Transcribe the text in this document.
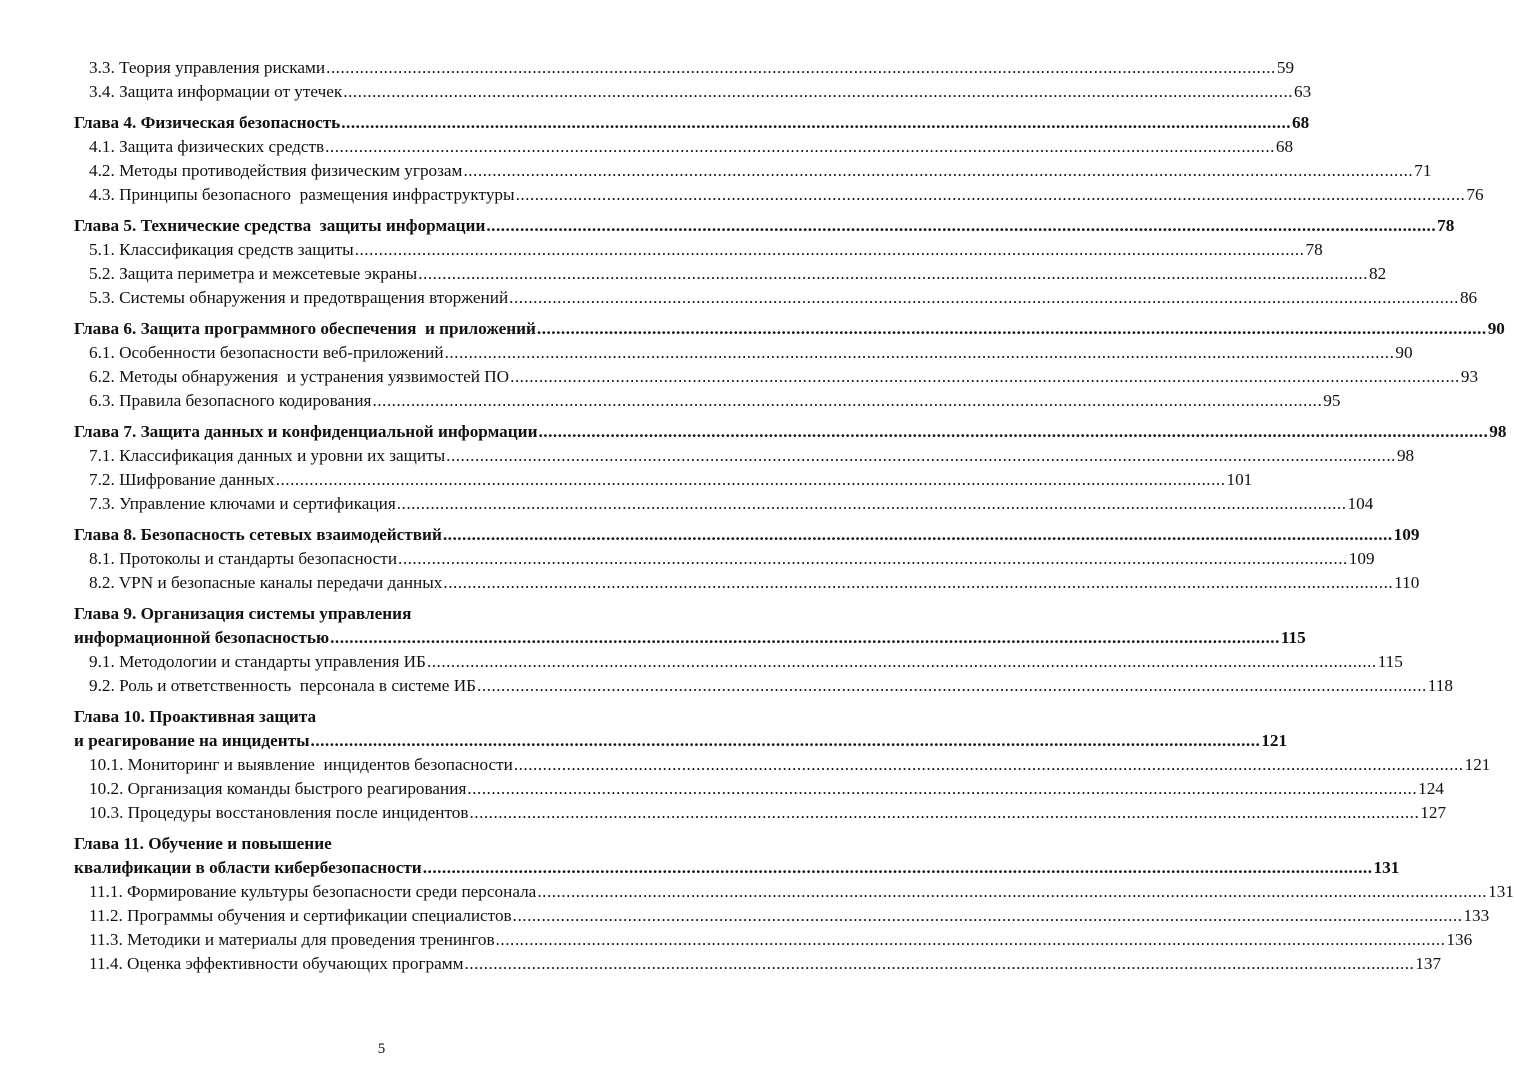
3.3. Теория управления рисками .....	59
3.4. Защита информации от утечек .....	63
Глава 4. Физическая безопасность .....	68
4.1. Защита физических средств .....	68
4.2. Методы противодействия физическим угрозам .....	71
4.3. Принципы безопасного  размещения инфраструктуры .....	76
Глава 5. Технические средства  защиты информации .....	78
5.1. Классификация средств защиты .....	78
5.2. Защита периметра и межсетевые экраны .....	82
5.3. Системы обнаружения и предотвращения вторжений .....	86
Глава 6. Защита программного обеспечения  и приложений .....	90
6.1. Особенности безопасности веб-приложений .....	90
6.2. Методы обнаружения  и устранения уязвимостей ПО .....	93
6.3. Правила безопасного кодирования .....	95
Глава 7. Защита данных и конфиденциальной информации .....	98
7.1. Классификация данных и уровни их защиты .....	98
7.2. Шифрование данных .....	101
7.3. Управление ключами и сертификация .....	104
Глава 8. Безопасность сетевых взаимодействий .....	109
8.1. Протоколы и стандарты безопасности .....	109
8.2. VPN и безопасные каналы передачи данных .....	110
Глава 9. Организация системы управления
информационной безопасностью .....	115
9.1. Методологии и стандарты управления ИБ .....	115
9.2. Роль и ответственность  персонала в системе ИБ .....	118
Глава 10. Проактивная защита
и реагирование на инциденты .....	121
10.1. Мониторинг и выявление  инцидентов безопасности .....	121
10.2. Организация команды быстрого реагирования .....	124
10.3. Процедуры восстановления после инцидентов .....	127
Глава 11. Обучение и повышение
квалификации в области кибербезопасности .....	131
11.1. Формирование культуры безопасности среди персонала .....	131
11.2. Программы обучения и сертификации специалистов .....	133
11.3. Методики и материалы для проведения тренингов .....	136
11.4. Оценка эффективности обучающих программ .....	137
5
